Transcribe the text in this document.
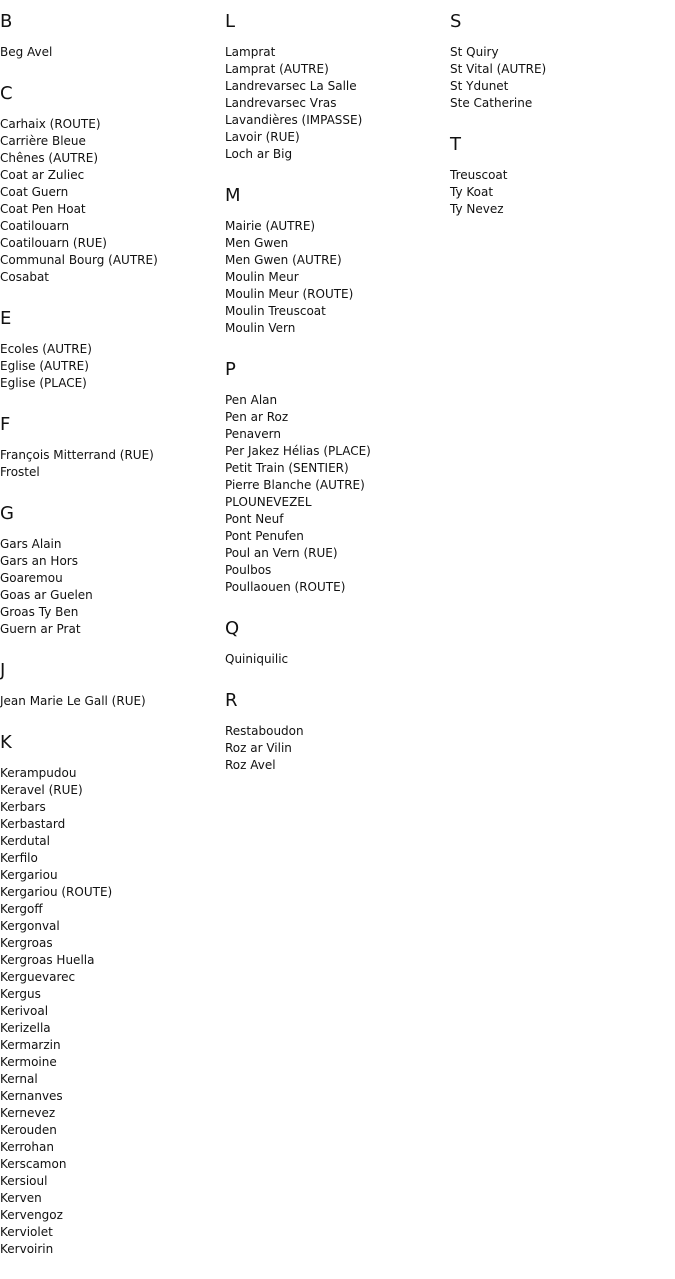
B
Beg Avel
C
Carhaix (ROUTE)
Carrière Bleue
Chênes (AUTRE)
Coat ar Zuliec
Coat Guern
Coat Pen Hoat
Coatilouarn
Coatilouarn (RUE)
Communal Bourg (AUTRE)
Cosabat
E
Ecoles (AUTRE)
Eglise (AUTRE)
Eglise (PLACE)
F
François Mitterrand (RUE)
Frostel
G
Gars Alain
Gars an Hors
Goaremou
Goas ar Guelen
Groas Ty Ben
Guern ar Prat
J
Jean Marie Le Gall (RUE)
K
Kerampudou
Keravel (RUE)
Kerbars
Kerbastard
Kerdutal
Kerfilo
Kergariou
Kergariou (ROUTE)
Kergoff
Kergonval
Kergroas
Kergroas Huella
Kerguevarec
Kergus
Kerivoal
Kerizella
Kermarzin
Kermoine
Kernal
Kernanves
Kernevez
Kerouden
Kerrohan
Kerscamon
Kersioul
Kerven
Kervengoz
Kerviolet
Kervoirin
L
Lamprat
Lamprat (AUTRE)
Landrevarsec La Salle
Landrevarsec Vras
Lavandières (IMPASSE)
Lavoir (RUE)
Loch ar Big
M
Mairie (AUTRE)
Men Gwen
Men Gwen (AUTRE)
Moulin Meur
Moulin Meur (ROUTE)
Moulin Treuscoat
Moulin Vern
P
Pen Alan
Pen ar Roz
Penavern
Per Jakez Hélias (PLACE)
Petit Train (SENTIER)
Pierre Blanche (AUTRE)
PLOUNEVEZEL
Pont Neuf
Pont Penufen
Poul an Vern (RUE)
Poulbos
Poullaouen (ROUTE)
Q
Quiniquilic
R
Restaboudon
Roz ar Vilin
Roz Avel
S
St Quiry
St Vital (AUTRE)
St Ydunet
Ste Catherine
T
Treuscoat
Ty Koat
Ty Nevez
